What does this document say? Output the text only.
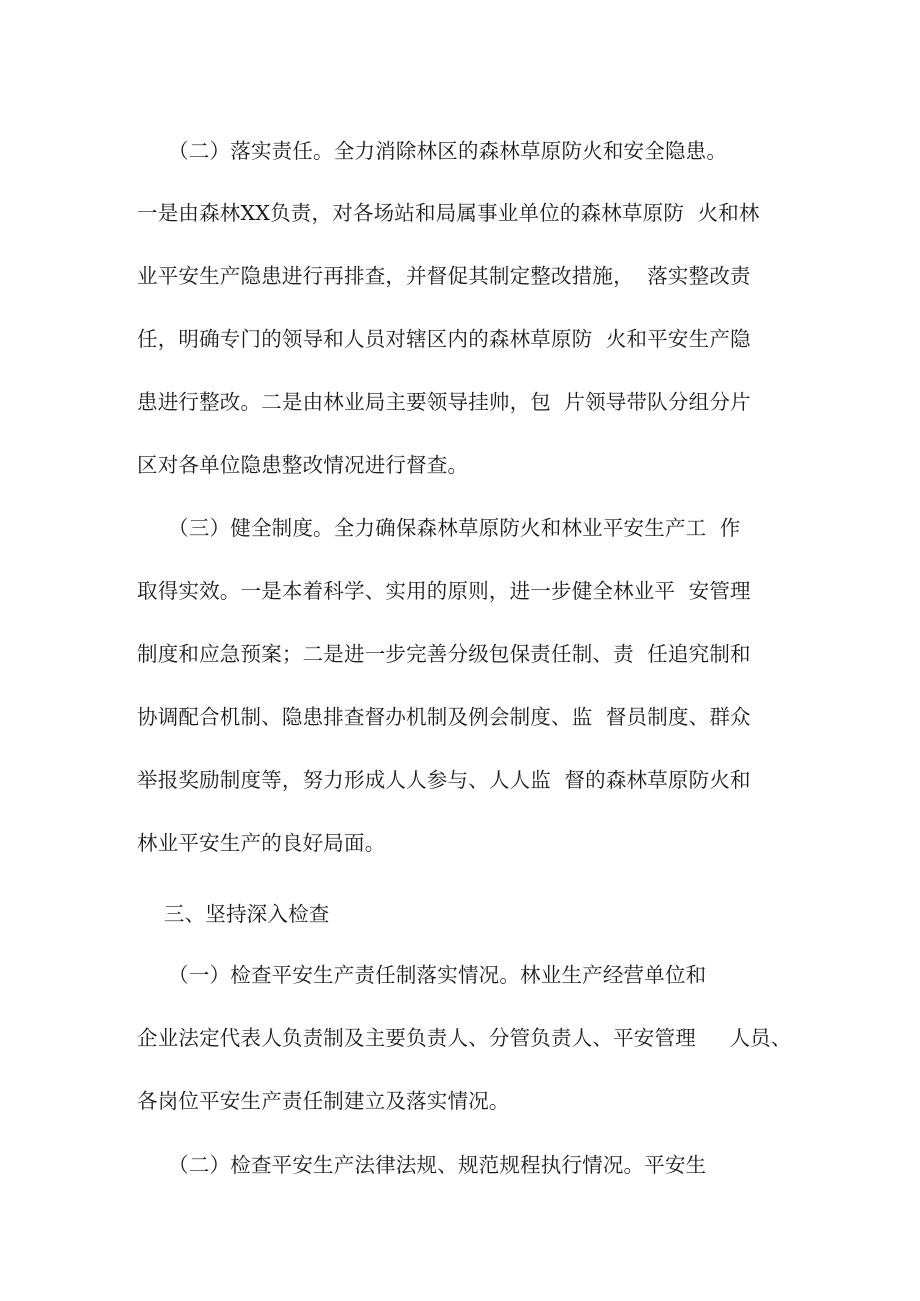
　　（二）落实责任。全力消除林区的森林草原防火和安全隐患。
一是由森林XX负责，对各场站和局属事业单位的森林草原防  火和林
业平安生产隐患进行再排查，并督促其制定整改措施，  落实整改责
任，明确专门的领导和人员对辖区内的森林草原防  火和平安生产隐
患进行整改。二是由林业局主要领导挂帅，包  片领导带队分组分片
区对各单位隐患整改情况进行督查。
　　（三）健全制度。全力确保森林草原防火和林业平安生产工  作
取得实效。一是本着科学、实用的原则，进一步健全林业平  安管理
制度和应急预案；二是进一步完善分级包保责任制、责  任追究制和
协调配合机制、隐患排查督办机制及例会制度、监  督员制度、群众
举报奖励制度等，努力形成人人参与、人人监  督的森林草原防火和
林业平安生产的良好局面。
三、坚持深入检查
　　（一）检查平安生产责任制落实情况。林业生产经营单位和
企业法定代表人负责制及主要负责人、分管负责人、平安管理     人员、
各岗位平安生产责任制建立及落实情况。
　　（二）检查平安生产法律法规、规范规程执行情况。平安生
